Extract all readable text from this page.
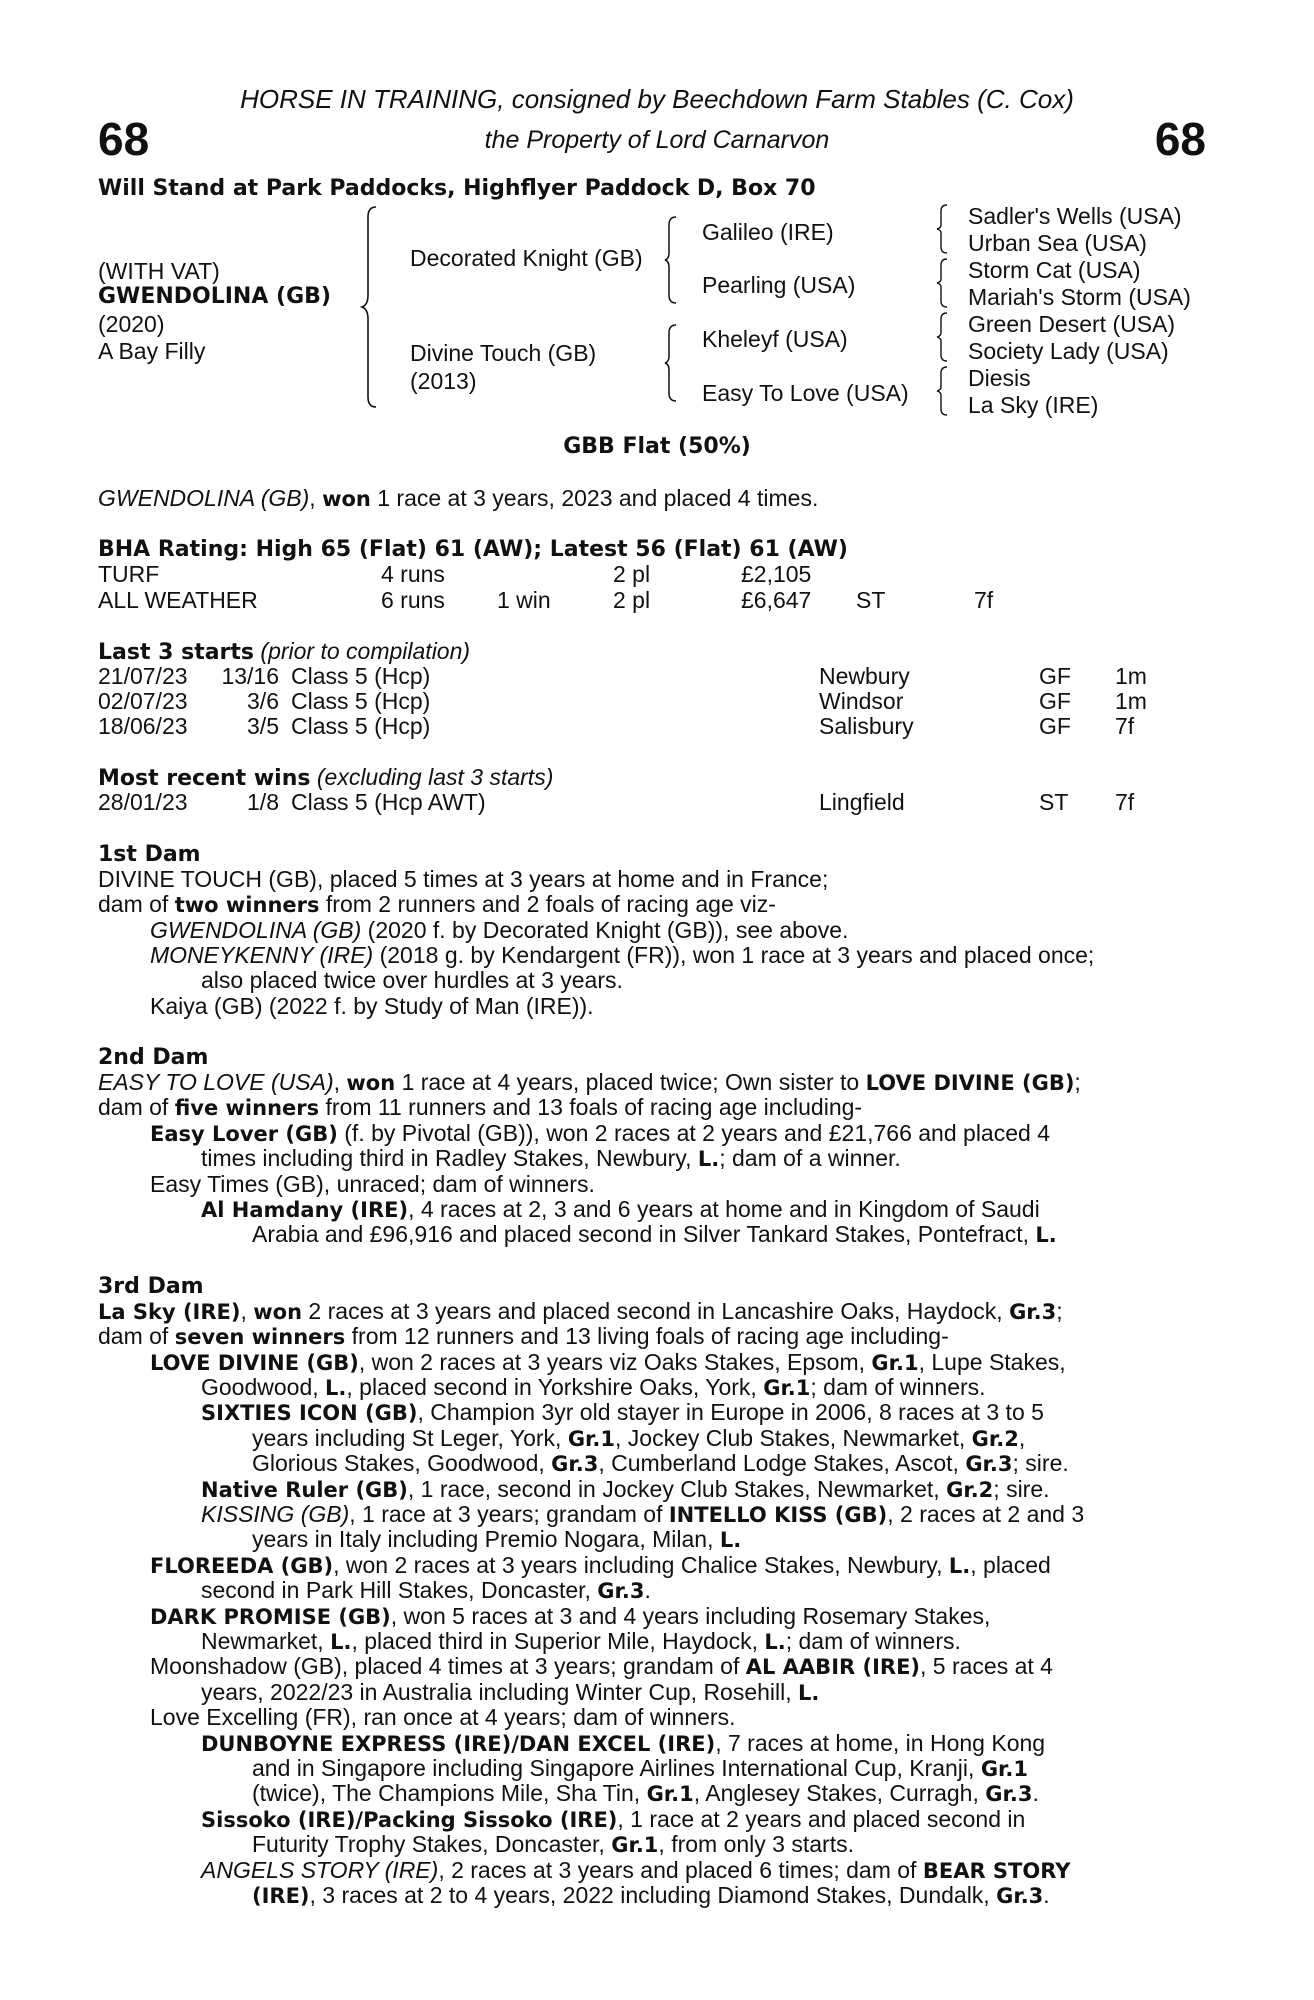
HORSE IN TRAINING, consigned by Beechdown Farm Stables (C. Cox)
the Property of Lord Carnarvon
68	68
Will Stand at Park Paddocks, Highflyer Paddock D, Box 70
(WITH VAT)
GWENDOLINA (GB)
(2020)
A Bay Filly
Decorated Knight (GB)
Divine Touch (GB)
(2013)
Galileo (IRE)
Pearling (USA)
Kheleyf (USA)
Easy To Love (USA)
Sadler's Wells (USA)
Urban Sea (USA)
Storm Cat (USA)
Mariah's Storm (USA)
Green Desert (USA)
Society Lady (USA)
Diesis
La Sky (IRE)
GBB Flat (50%)
GWENDOLINA (GB), won 1 race at 3 years, 2023 and placed 4 times.
BHA Rating: High 65 (Flat) 61 (AW); Latest 56 (Flat) 61 (AW)
TURF	4 runs	2 pl	£2,105
ALL WEATHER	6 runs 1 win	2 pl	£6,647 ST	7f
Last 3 starts (prior to compilation)
21/07/23	13/16 Class 5 (Hcp)	Newbury	GF 1m
02/07/23	3/6 Class 5 (Hcp)	Windsor	GF 1m
18/06/23	3/5 Class 5 (Hcp)	Salisbury	GF 7f
Most recent wins (excluding last 3 starts)
28/01/23	1/8 Class 5 (Hcp AWT)	Lingfield	ST 7f
1st Dam
DIVINE TOUCH (GB), placed 5 times at 3 years at home and in France;
dam of two winners from 2 runners and 2 foals of racing age viz-
GWENDOLINA (GB) (2020 f. by Decorated Knight (GB)), see above.
MONEYKENNY (IRE) (2018 g. by Kendargent (FR)), won 1 race at 3 years and placed once;
also placed twice over hurdles at 3 years.
Kaiya (GB) (2022 f. by Study of Man (IRE)).
2nd Dam
EASY TO LOVE (USA), won 1 race at 4 years, placed twice; Own sister to LOVE DIVINE (GB);
dam of five winners from 11 runners and 13 foals of racing age including-
Easy Lover (GB) (f. by Pivotal (GB)), won 2 races at 2 years and £21,766 and placed 4
times including third in Radley Stakes, Newbury, L.; dam of a winner.
Easy Times (GB), unraced; dam of winners.
Al Hamdany (IRE), 4 races at 2, 3 and 6 years at home and in Kingdom of Saudi
Arabia and £96,916 and placed second in Silver Tankard Stakes, Pontefract, L.
3rd Dam
La Sky (IRE), won 2 races at 3 years and placed second in Lancashire Oaks, Haydock, Gr.3;
dam of seven winners from 12 runners and 13 living foals of racing age including-
LOVE DIVINE (GB), won 2 races at 3 years viz Oaks Stakes, Epsom, Gr.1, Lupe Stakes,
Goodwood, L., placed second in Yorkshire Oaks, York, Gr.1; dam of winners.
SIXTIES ICON (GB), Champion 3yr old stayer in Europe in 2006, 8 races at 3 to 5
years including St Leger, York, Gr.1, Jockey Club Stakes, Newmarket, Gr.2,
Glorious Stakes, Goodwood, Gr.3, Cumberland Lodge Stakes, Ascot, Gr.3; sire.
Native Ruler (GB), 1 race, second in Jockey Club Stakes, Newmarket, Gr.2; sire.
KISSING (GB), 1 race at 3 years; grandam of INTELLO KISS (GB), 2 races at 2 and 3
years in Italy including Premio Nogara, Milan, L.
FLOREEDA (GB), won 2 races at 3 years including Chalice Stakes, Newbury, L., placed
second in Park Hill Stakes, Doncaster, Gr.3.
DARK PROMISE (GB), won 5 races at 3 and 4 years including Rosemary Stakes,
Newmarket, L., placed third in Superior Mile, Haydock, L.; dam of winners.
Moonshadow (GB), placed 4 times at 3 years; grandam of AL AABIR (IRE), 5 races at 4
years, 2022/23 in Australia including Winter Cup, Rosehill, L.
Love Excelling (FR), ran once at 4 years; dam of winners.
DUNBOYNE EXPRESS (IRE)/DAN EXCEL (IRE), 7 races at home, in Hong Kong
and in Singapore including Singapore Airlines International Cup, Kranji, Gr.1
(twice), The Champions Mile, Sha Tin, Gr.1, Anglesey Stakes, Curragh, Gr.3.
Sissoko (IRE)/Packing Sissoko (IRE), 1 race at 2 years and placed second in
Futurity Trophy Stakes, Doncaster, Gr.1, from only 3 starts.
ANGELS STORY (IRE), 2 races at 3 years and placed 6 times; dam of BEAR STORY
(IRE), 3 races at 2 to 4 years, 2022 including Diamond Stakes, Dundalk, Gr.3.
